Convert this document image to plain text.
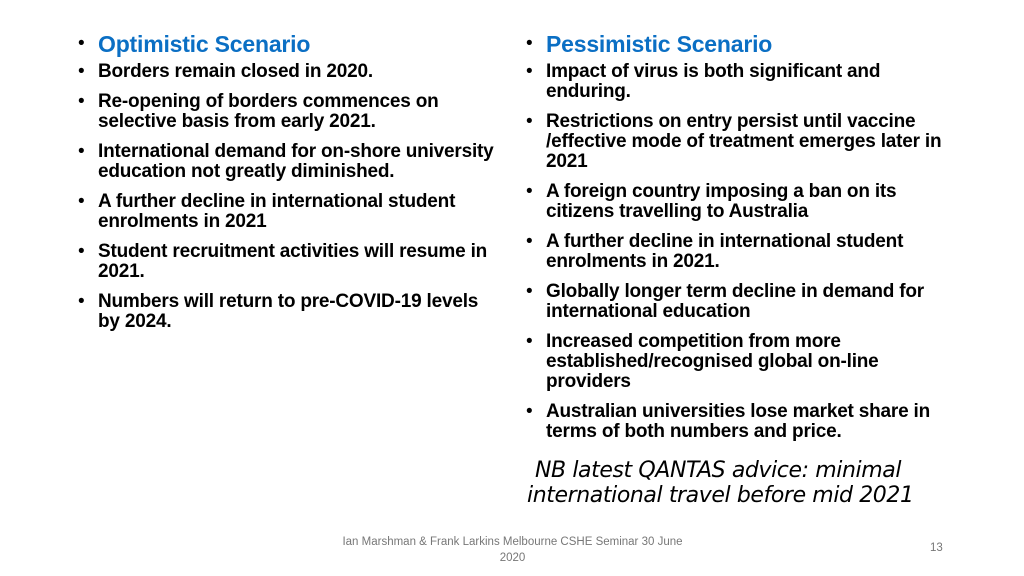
• Optimistic Scenario
• Borders remain closed in 2020.
• Re-opening of borders commences on selective basis from early 2021.
• International demand for on-shore university education not greatly diminished.
• A further decline in international student enrolments in 2021
• Student recruitment activities will resume in 2021.
• Numbers will return to pre-COVID-19 levels by 2024.
• Pessimistic Scenario
• Impact of virus is both significant and enduring.
• Restrictions on entry persist until vaccine /effective mode of treatment emerges later in 2021
• A foreign country imposing a ban on its citizens travelling to Australia
• A further decline in international student enrolments in 2021.
• Globally longer term decline in demand for international education
• Increased competition from more established/recognised global on-line providers
• Australian universities lose market share in terms of both numbers and price.
NB latest QANTAS advice: minimal
international travel before mid 2021
Ian Marshman & Frank Larkins Melbourne CSHE Seminar 30 June 2020
13
